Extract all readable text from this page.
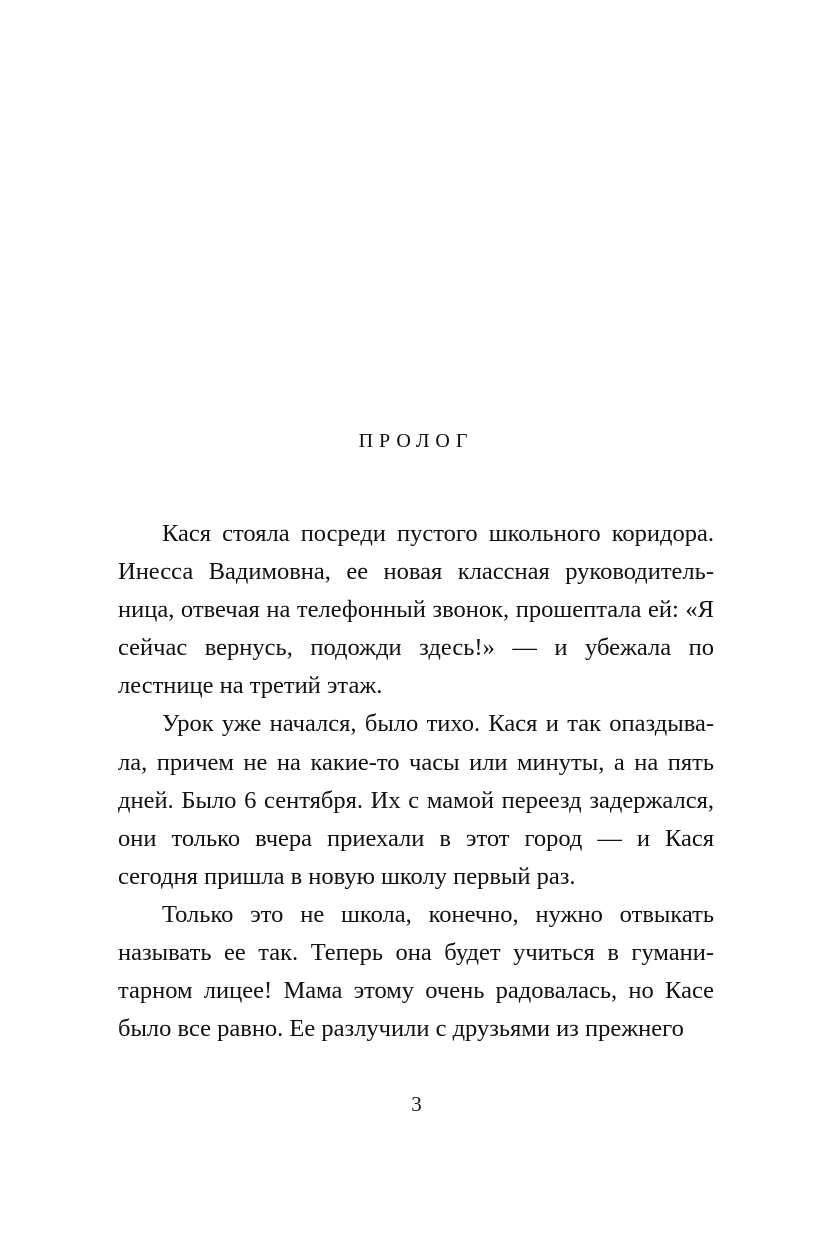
ПРОЛОГ

Кася стояла посреди пустого школьного коридора. Инесса Вадимовна, ее новая классная руководительница, отвечая на телефонный звонок, прошептала ей: «Я сейчас вернусь, подожди здесь!» — и убежала по лестнице на третий этаж.

Урок уже начался, было тихо. Кася и так опаздывала, причем не на какие-то часы или минуты, а на пять дней. Было 6 сентября. Их с мамой переезд задержался, они только вчера приехали в этот город — и Кася сегодня пришла в новую школу первый раз.

Только это не школа, конечно, нужно отвыкать называть ее так. Теперь она будет учиться в гуманитарном лицее! Мама этому очень радовалась, но Касе было все равно. Ее разлучили с друзьями из прежнего

3
